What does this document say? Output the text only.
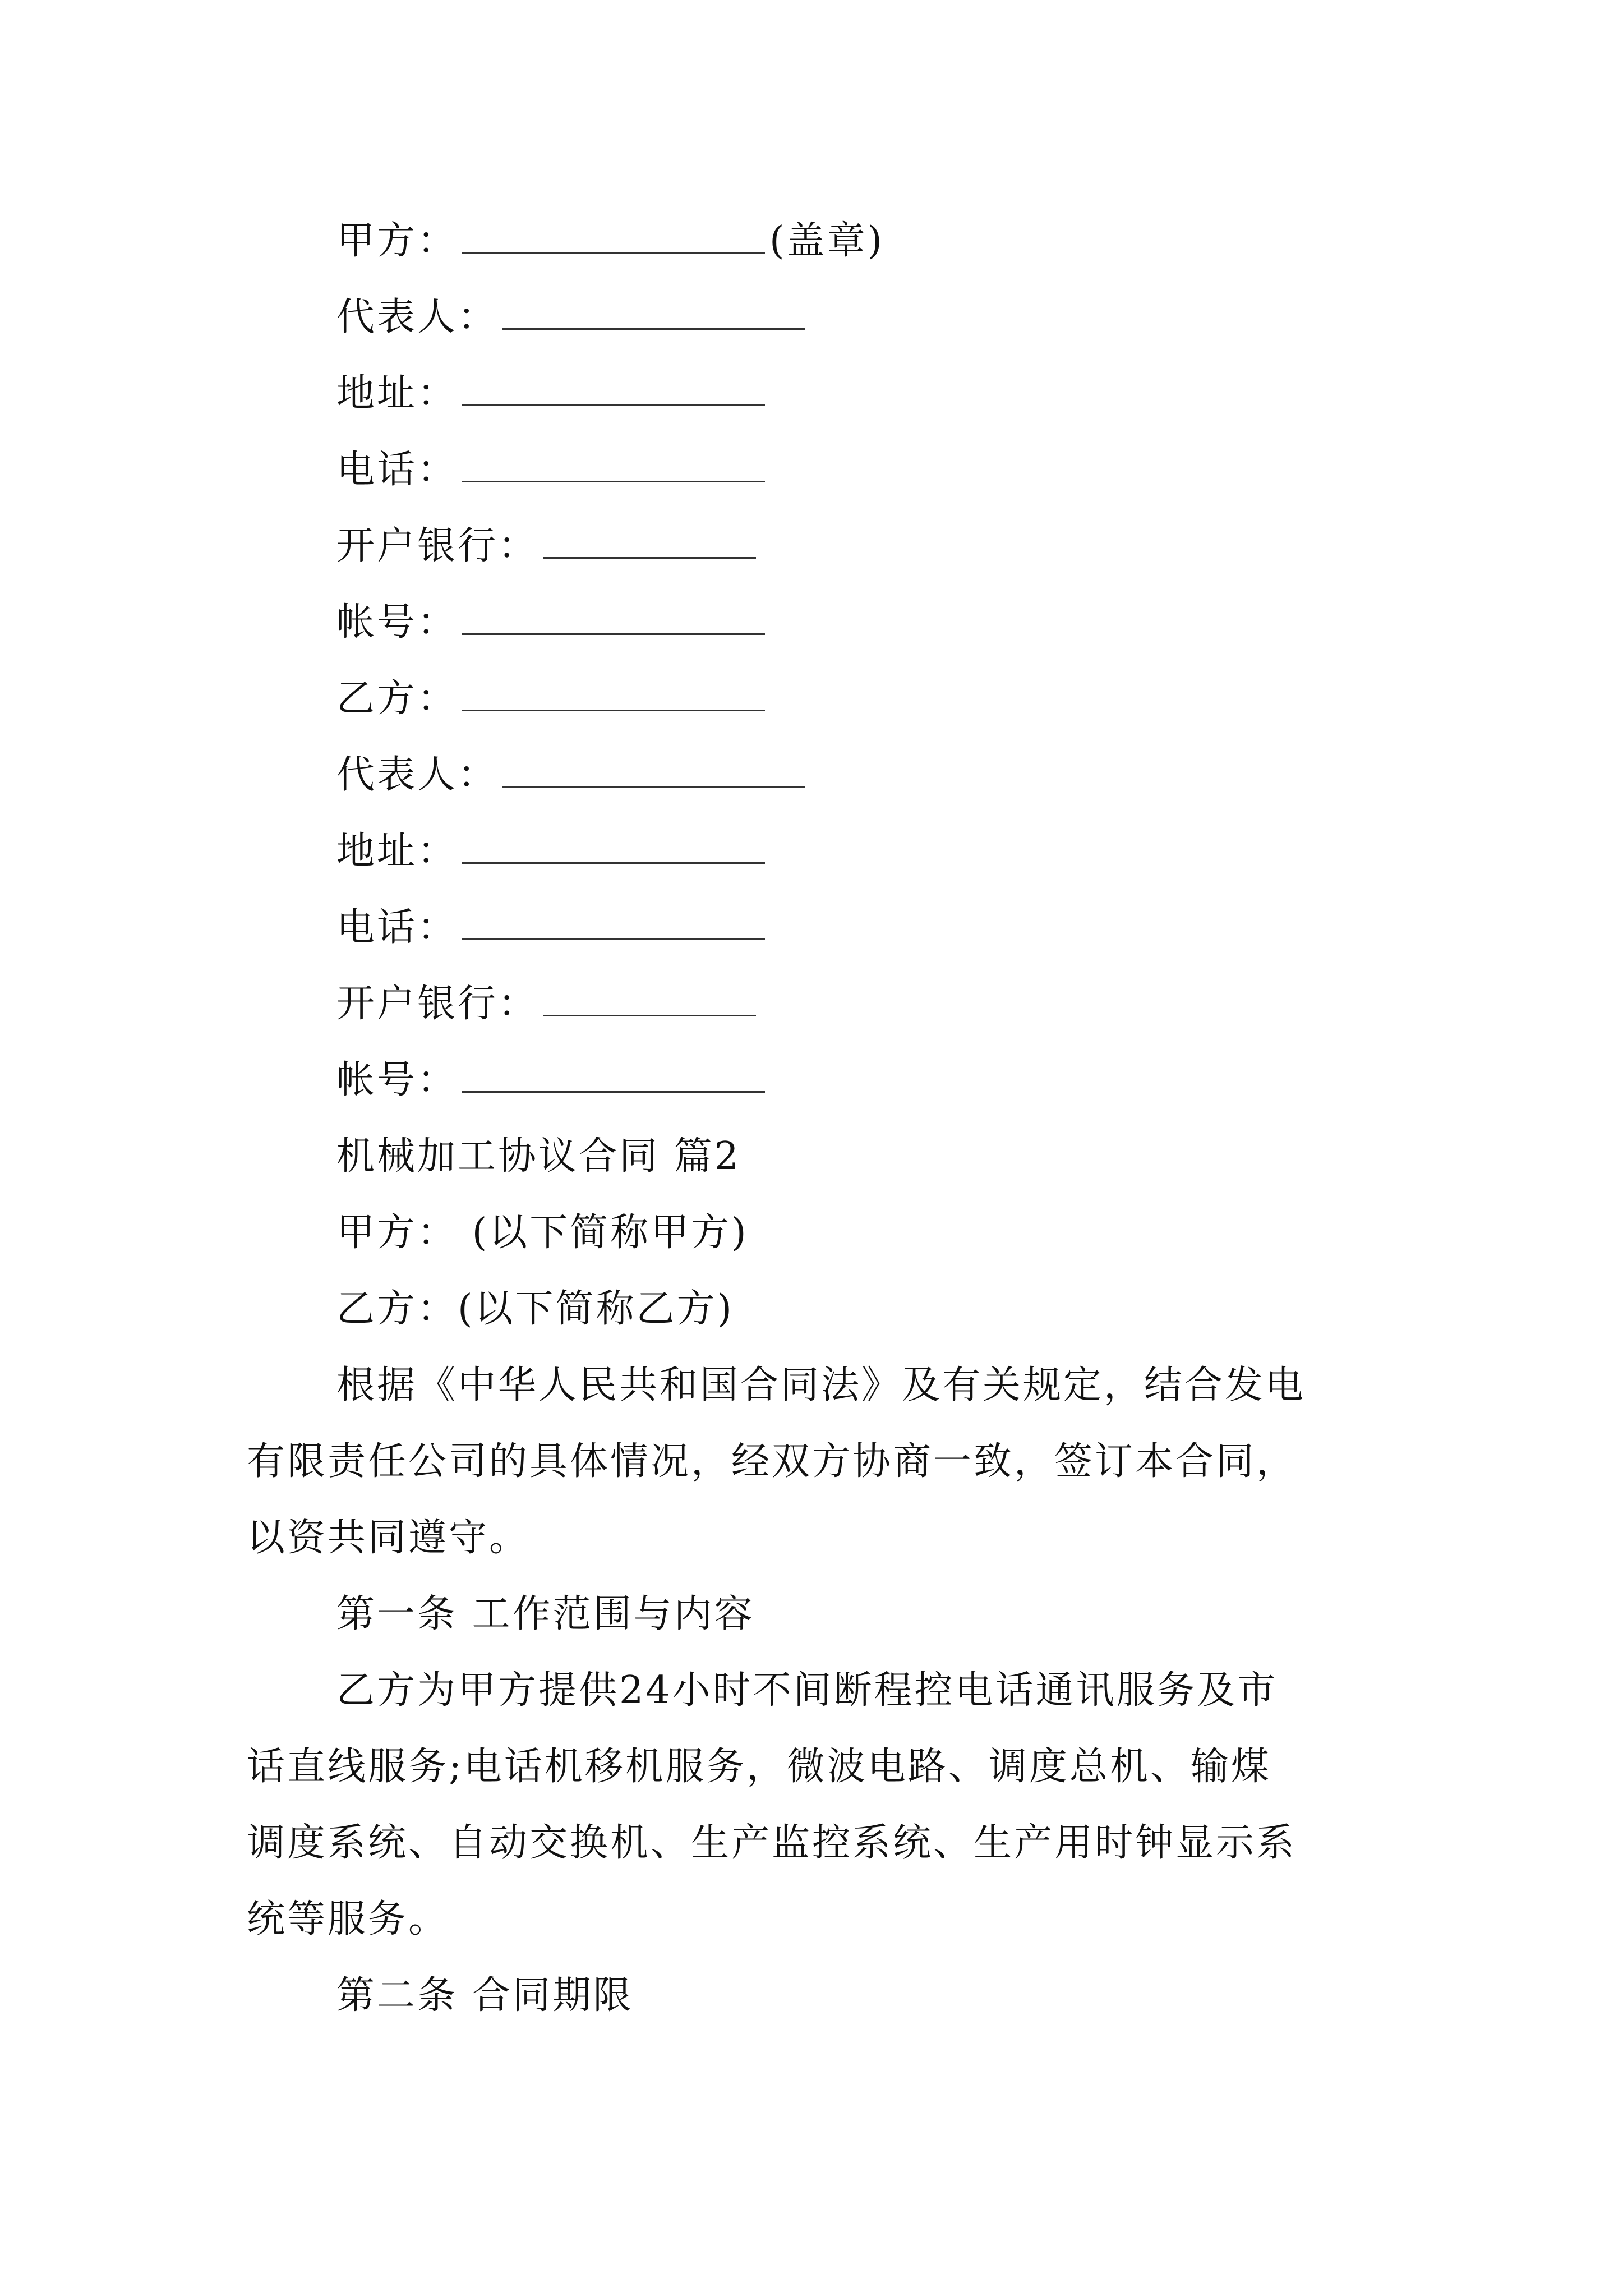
甲方：	(盖章)
代表人：
地址：
电话：
开户银行：
帐号：
乙方：
代表人：
地址：
电话：
开户银行：
帐号：
机械加工协议合同 篇2
甲方： (以下简称甲方)
乙方：(以下简称乙方)
根据《中华人民共和国合同法》及有关规定，结合发电
有限责任公司的具体情况，经双方协商一致，签订本合同，
以资共同遵守。
第一条 工作范围与内容
乙方为甲方提供24小时不间断程控电话通讯服务及市
话直线服务;电话机移机服务，微波电路、调度总机、输煤
调度系统、自动交换机、生产监控系统、生产用时钟显示系
统等服务。
第二条 合同期限
